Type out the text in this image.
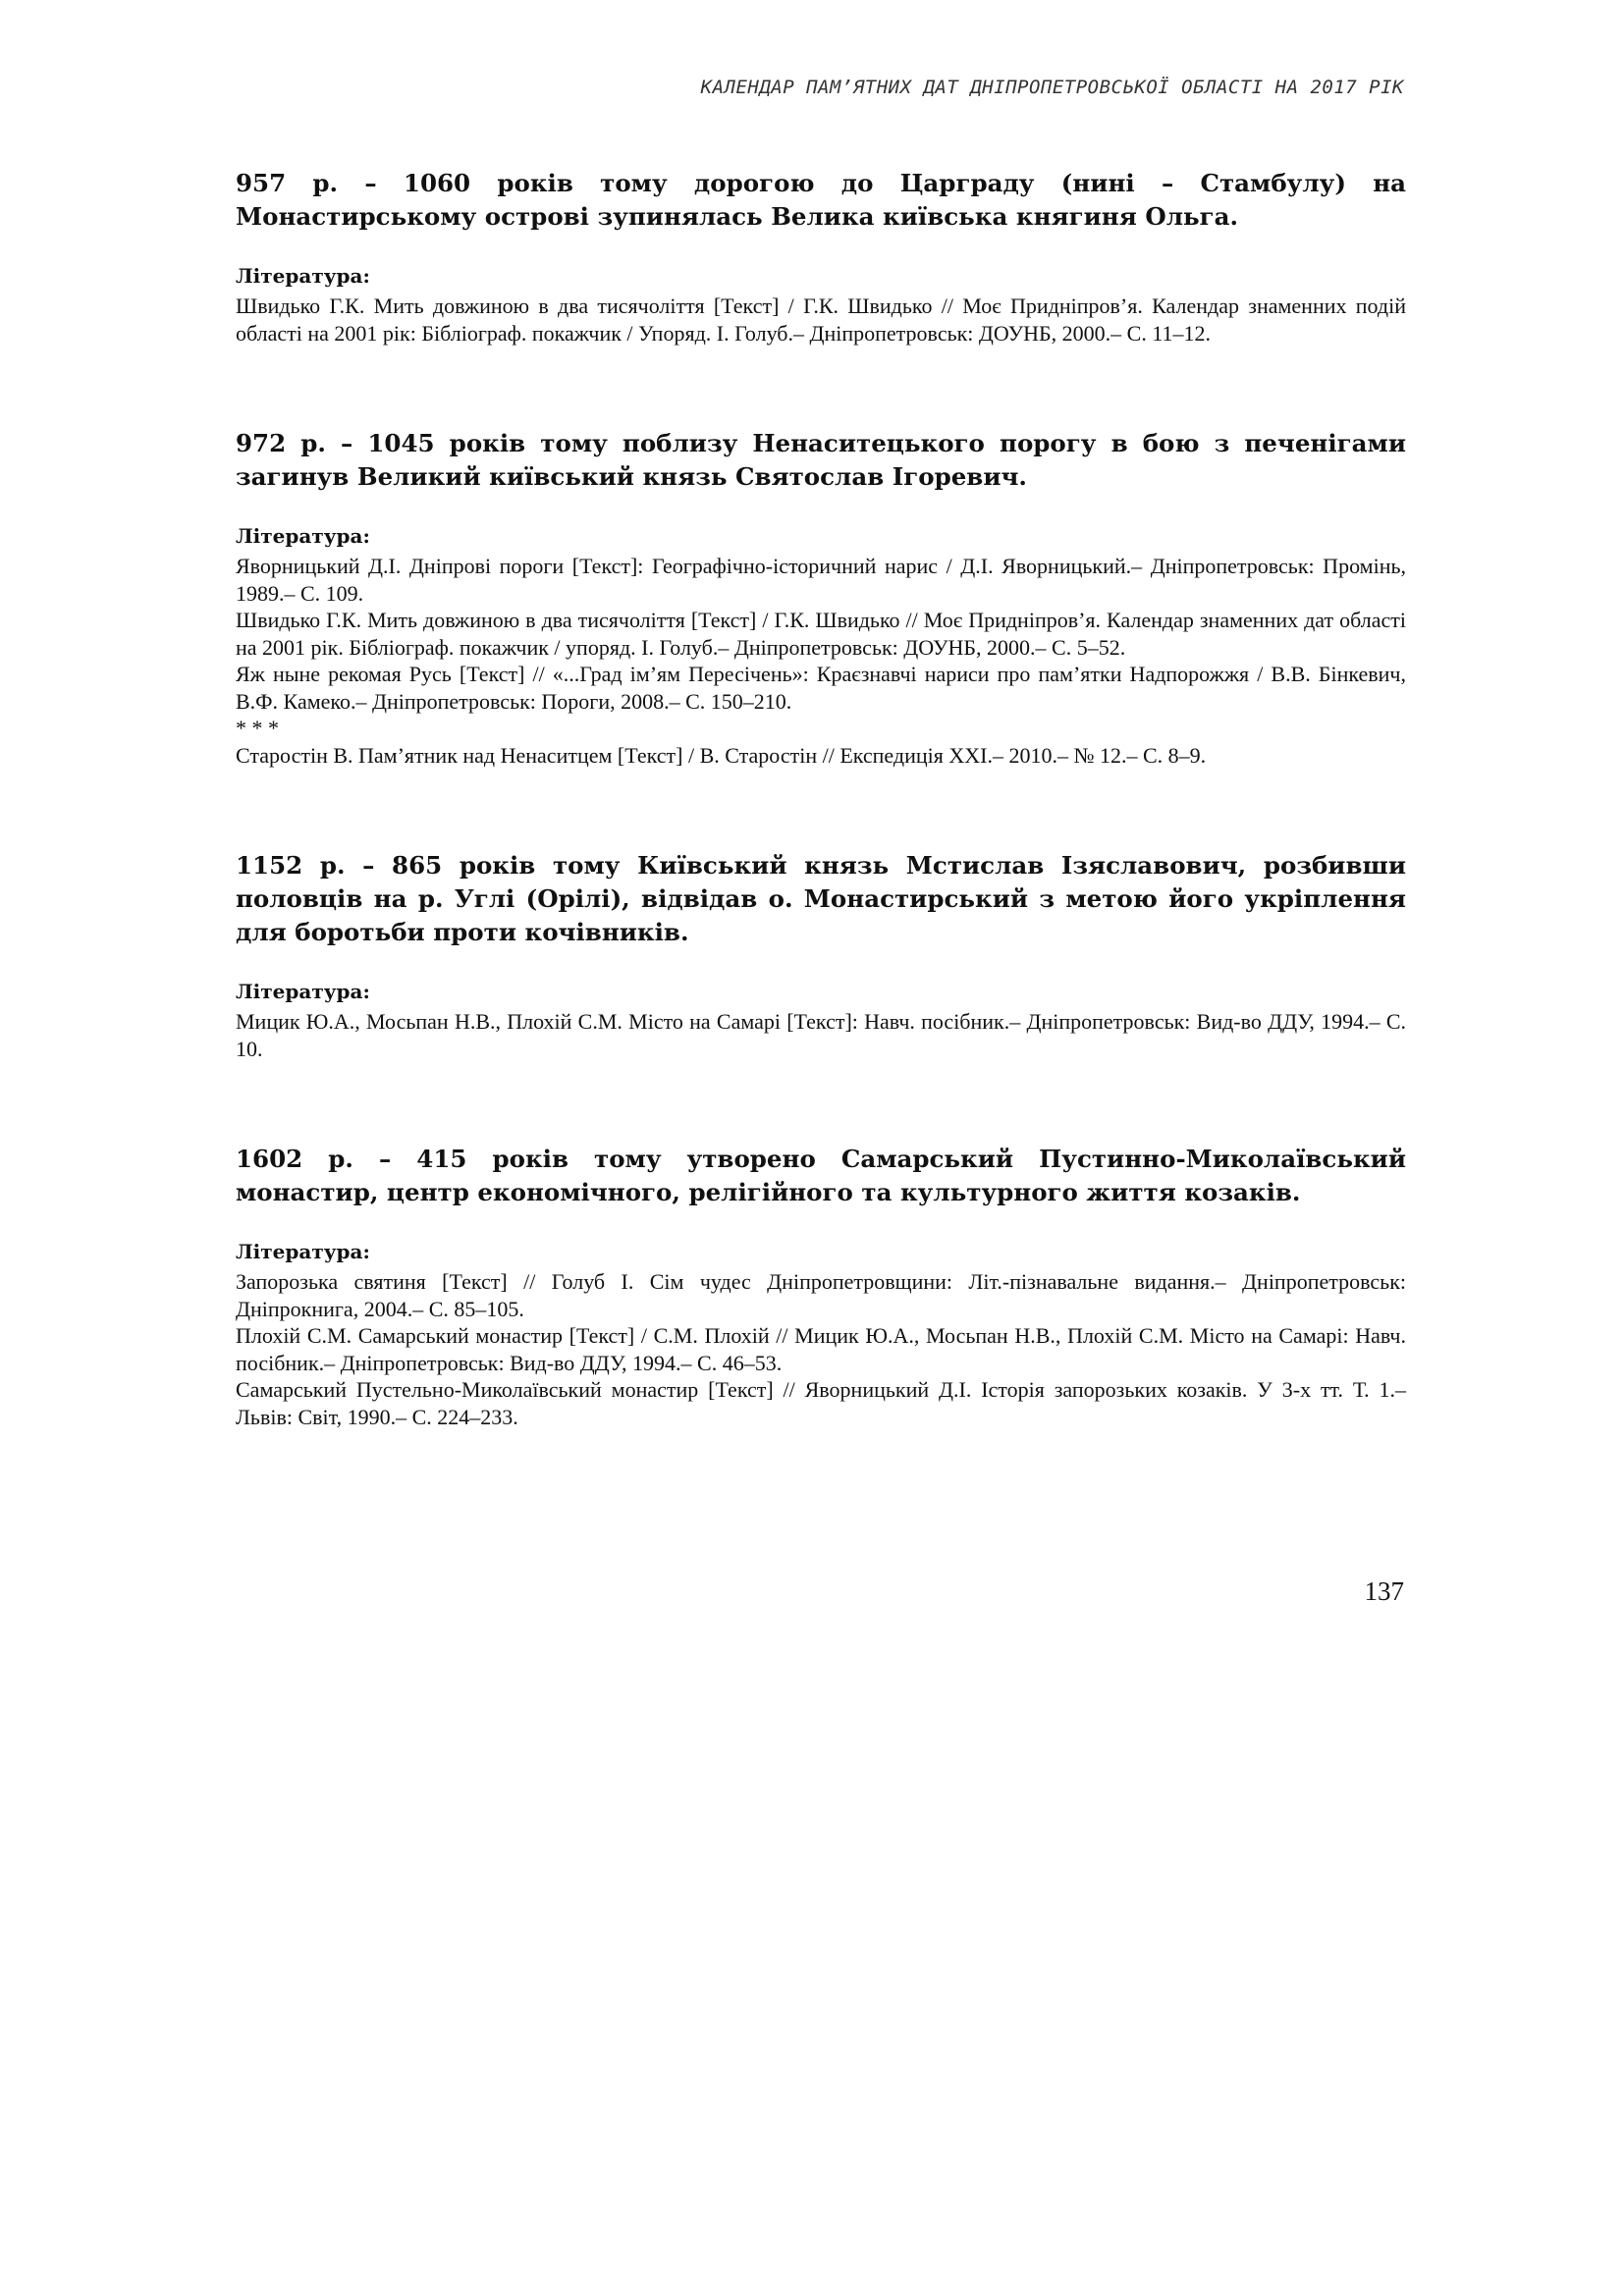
КАЛЕНДАР ПАМ’ЯТНИХ ДАТ ДНІПРОПЕТРОВСЬКОЇ ОБЛАСТІ НА 2017 РІК

957 р. – 1060 років тому дорогою до Царграду (нині – Стамбулу) на Монастирському острові зупинялась Велика київська княгиня Ольга.

Література:

Швидько Г.К. Мить довжиною в два тисячоліття [Текст] / Г.К. Швидько // Моє Придніпров’я. Календар знаменних подій області на 2001 рік: Бібліограф. покажчик / Упоряд. І. Голуб.– Дніпропетровськ: ДОУНБ, 2000.– С. 11–12.

972 р. – 1045 років тому поблизу Ненаситецького порогу в бою з печенігами загинув Великий київський князь Святослав Ігоревич.

Література:

Яворницький Д.І. Дніпрові пороги [Текст]: Географічно-історичний нарис / Д.І. Яворницький.– Дніпропетровськ: Промінь, 1989.– С. 109.

Швидько Г.К. Мить довжиною в два тисячоліття [Текст] / Г.К. Швидько // Моє Придніпров’я. Календар знаменних дат області на 2001 рік. Бібліограф. покажчик / упоряд. І. Голуб.– Дніпропетровськ: ДОУНБ, 2000.– С. 5–52.

Яж ныне рекомая Русь [Текст] // «...Град ім’ям Пересічень»: Краєзнавчі нариси про пам’ятки Надпорожжя / В.В. Бінкевич, В.Ф. Камеко.– Дніпропетровськ: Пороги, 2008.– С. 150–210.

* * *

Старостін В. Пам’ятник над Ненаситцем [Текст] / В. Старостін // Експедиція ХХІ.– 2010.– № 12.– С. 8–9.

1152 р. – 865 років тому Київський князь Мстислав Ізяславович, розбивши половців на р. Углі (Орілі), відвідав о. Монастирський з метою його укріплення для боротьби проти кочівників.

Література:

Мицик Ю.А., Мосьпан Н.В., Плохій С.М. Місто на Самарі [Текст]: Навч. посібник.– Дніпропетровськ: Вид-во ДДУ, 1994.– С. 10.

1602 р. – 415 років тому утворено Самарський Пустинно-Миколаївський монастир, центр економічного, релігійного та культурного життя козаків.

Література:

Запорозька святиня [Текст] // Голуб І. Сім чудес Дніпропетровщини: Літ.-пізнавальне видання.– Дніпропетровськ: Дніпрокнига, 2004.– С. 85–105.

Плохій С.М. Самарський монастир [Текст] / С.М. Плохій // Мицик Ю.А., Мосьпан Н.В., Плохій С.М. Місто на Самарі: Навч. посібник.– Дніпропетровськ: Вид-во ДДУ, 1994.– С. 46–53.

Самарський Пустельно-Миколаївський монастир [Текст] // Яворницький Д.І. Історія запорозьких козаків. У 3-х тт. Т. 1.– Львів: Світ, 1990.– С. 224–233.

137
